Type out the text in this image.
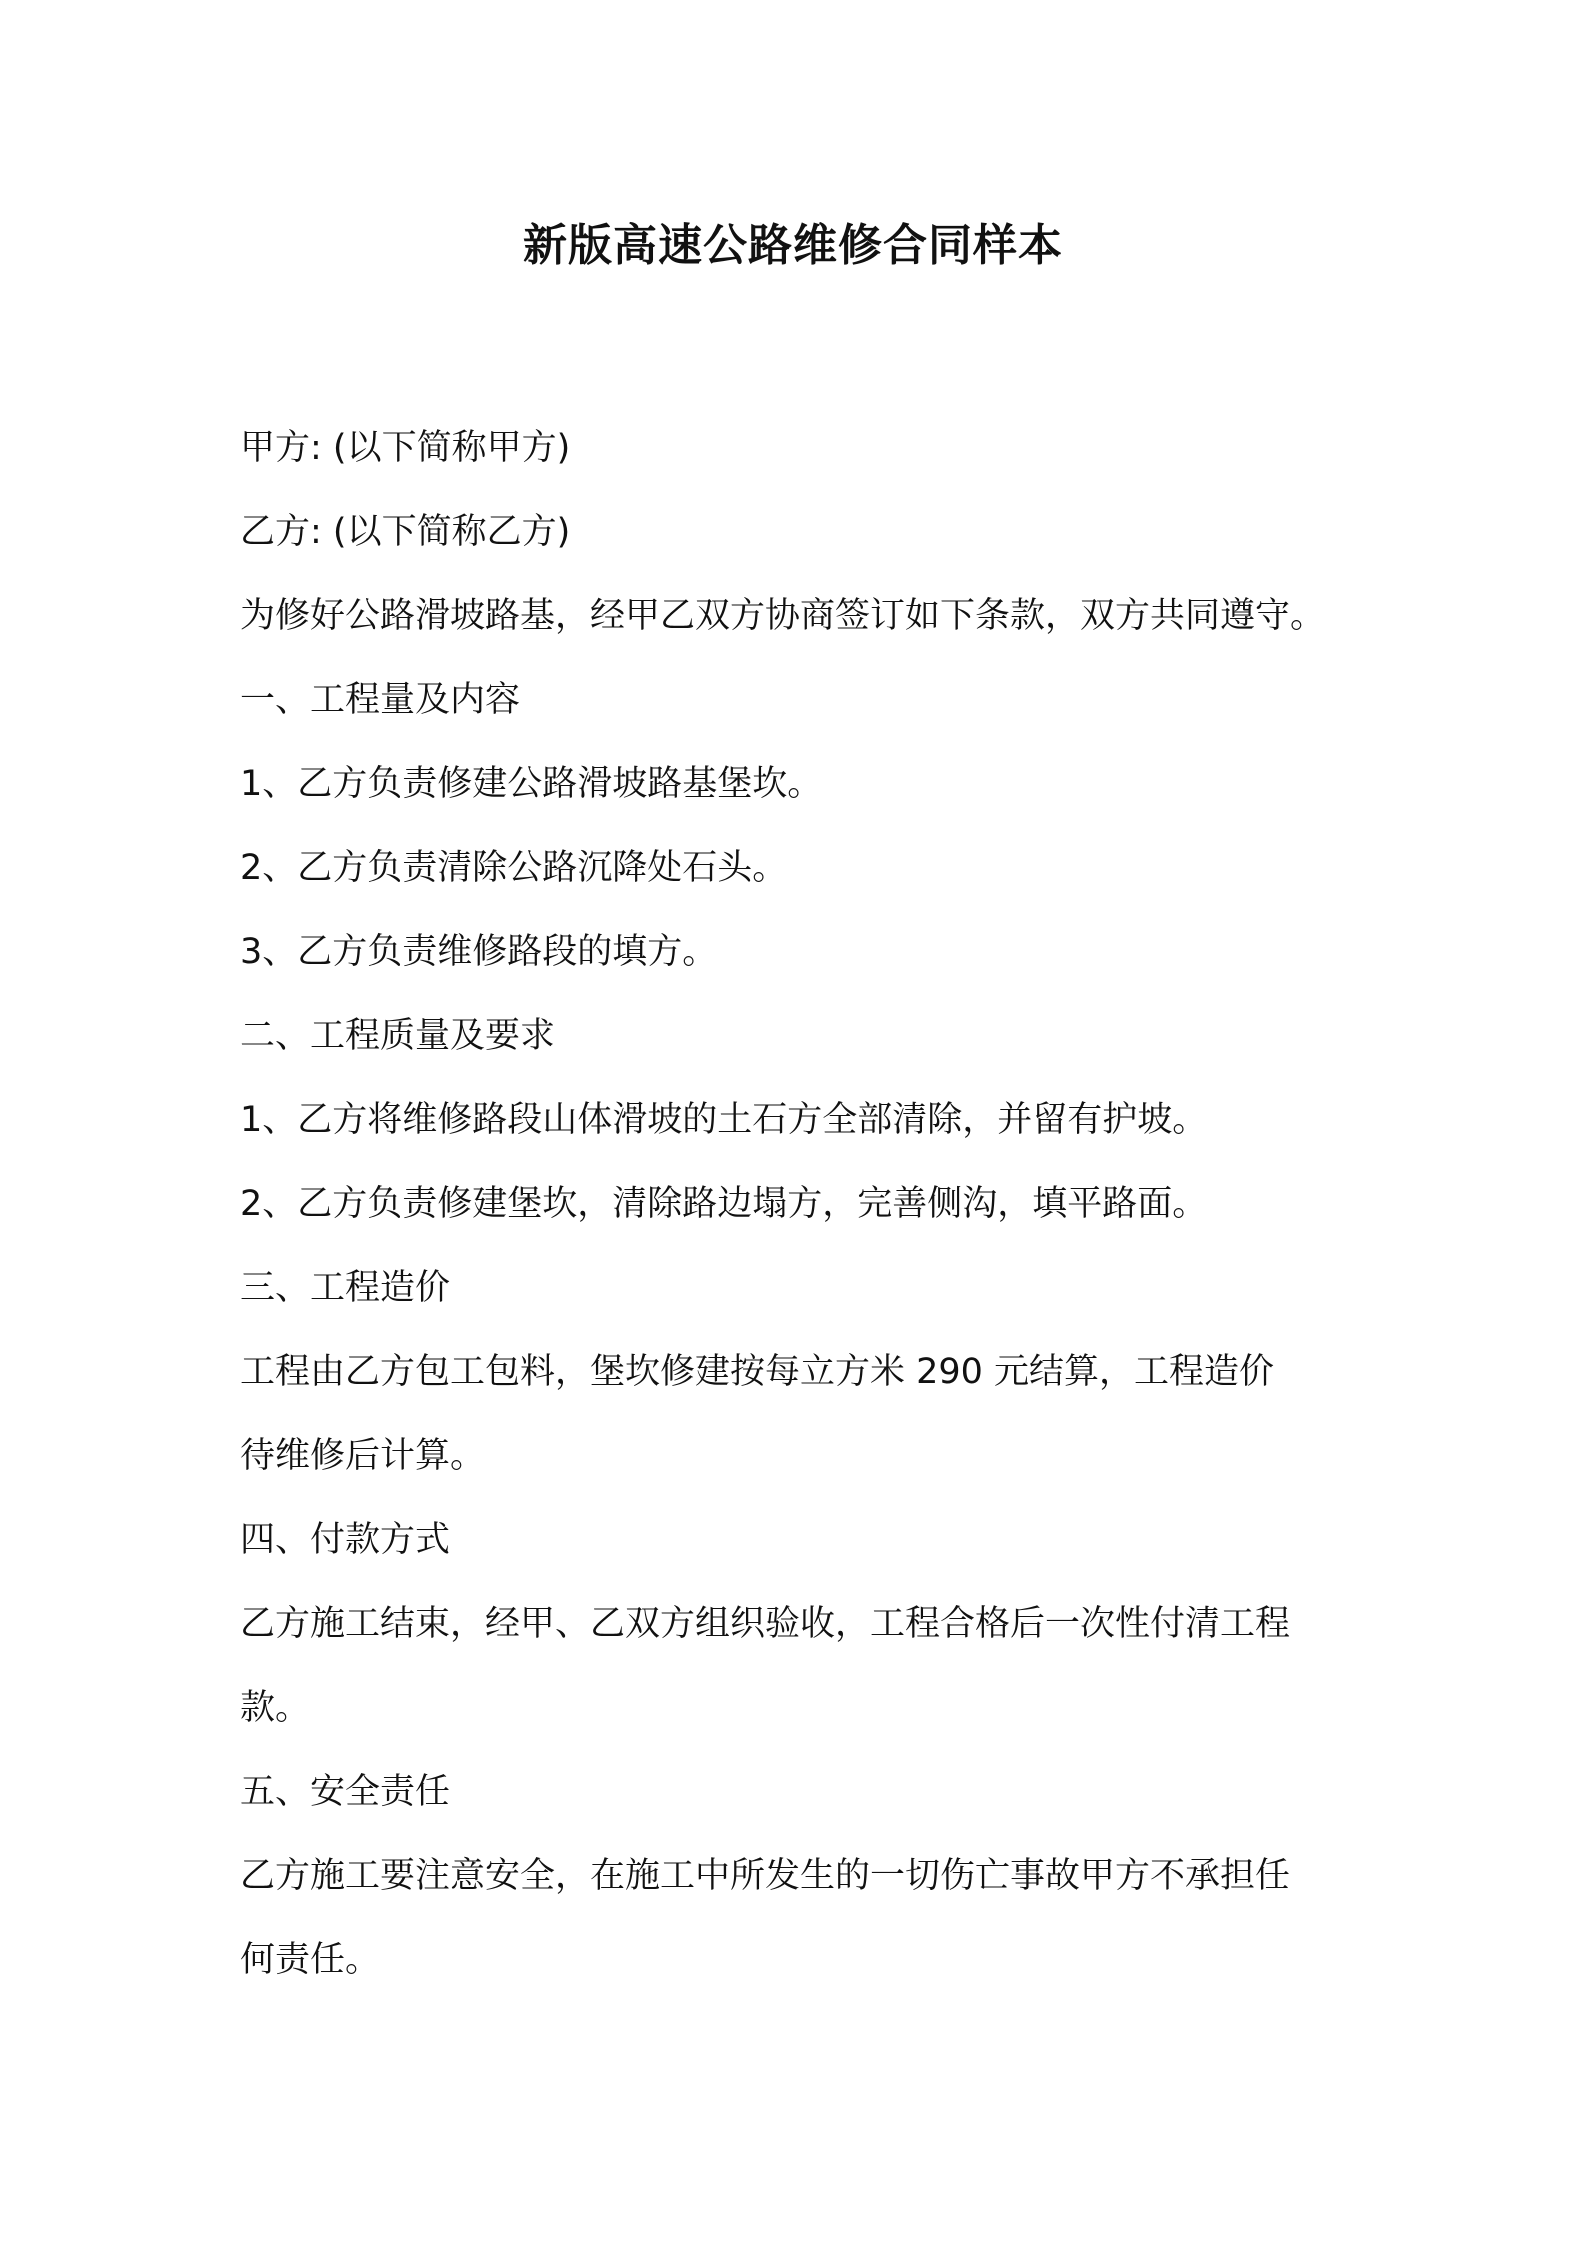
新版高速公路维修合同样本

甲方: (以下简称甲方)

乙方: (以下简称乙方)

为修好公路滑坡路基，经甲乙双方协商签订如下条款，双方共同遵守。

一、工程量及内容

1、乙方负责修建公路滑坡路基堡坎。

2、乙方负责清除公路沉降处石头。

3、乙方负责维修路段的填方。

二、工程质量及要求

1、乙方将维修路段山体滑坡的土石方全部清除，并留有护坡。

2、乙方负责修建堡坎，清除路边塌方，完善侧沟，填平路面。

三、工程造价

工程由乙方包工包料，堡坎修建按每立方米 290 元结算，工程造价

待维修后计算。

四、付款方式

乙方施工结束，经甲、乙双方组织验收，工程合格后一次性付清工程

款。

五、安全责任

乙方施工要注意安全，在施工中所发生的一切伤亡事故甲方不承担任

何责任。
